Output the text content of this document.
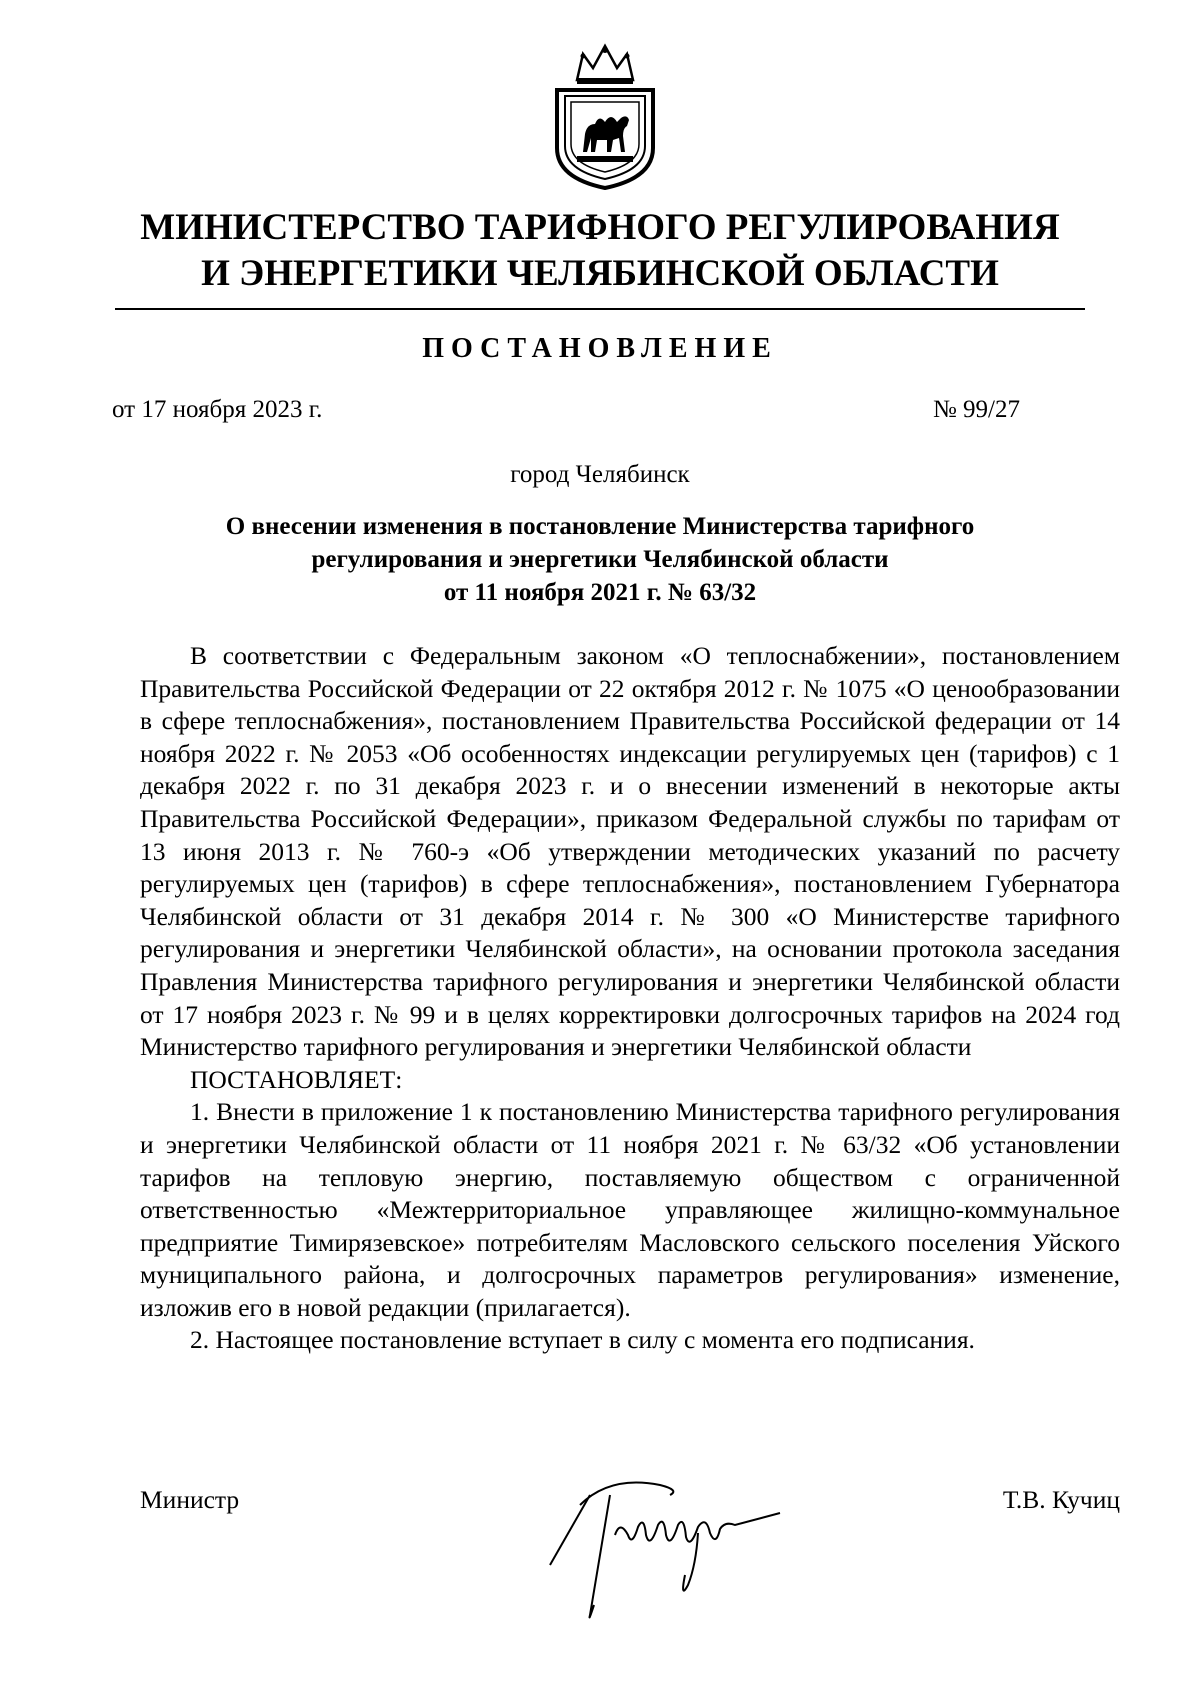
МИНИСТЕРСТВО ТАРИФНОГО РЕГУЛИРОВАНИЯ
И ЭНЕРГЕТИКИ ЧЕЛЯБИНСКОЙ ОБЛАСТИ
ПОСТАНОВЛЕНИЕ
от 17 ноября 2023 г.	№ 99/27
город Челябинск
О внесении изменения в постановление Министерства тарифного
регулирования и энергетики Челябинской области
от 11 ноября 2021 г. № 63/32

В соответствии с Федеральным законом «О теплоснабжении», постановлением Правительства Российской Федерации от 22 октября 2012 г. № 1075 «О ценообразовании в сфере теплоснабжения», постановлением Правительства Российской федерации от 14 ноября 2022 г. № 2053 «Об особенностях индексации регулируемых цен (тарифов) с 1 декабря 2022 г. по 31 декабря 2023 г. и о внесении изменений в некоторые акты Правительства Российской Федерации», приказом Федеральной службы по тарифам от 13 июня 2013 г. № 760-э «Об утверждении методических указаний по расчету регулируемых цен (тарифов) в сфере теплоснабжения», постановлением Губернатора Челябинской области от 31 декабря 2014 г. № 300 «О Министерстве тарифного регулирования и энергетики Челябинской области», на основании протокола заседания Правления Министерства тарифного регулирования и энергетики Челябинской области от 17 ноября 2023 г. № 99 и в целях корректировки долгосрочных тарифов на 2024 год Министерство тарифного регулирования и энергетики Челябинской области

ПОСТАНОВЛЯЕТ:

1. Внести в приложение 1 к постановлению Министерства тарифного регулирования и энергетики Челябинской области от 11 ноября 2021 г. № 63/32 «Об установлении тарифов на тепловую энергию, поставляемую обществом с ограниченной ответственностью «Межтерриториальное управляющее жилищно-коммунальное предприятие Тимирязевское» потребителям Масловского сельского поселения Уйского муниципального района, и долгосрочных параметров регулирования» изменение, изложив его в новой редакции (прилагается).

2. Настоящее постановление вступает в силу с момента его подписания.

Министр	Т.В. Кучиц
